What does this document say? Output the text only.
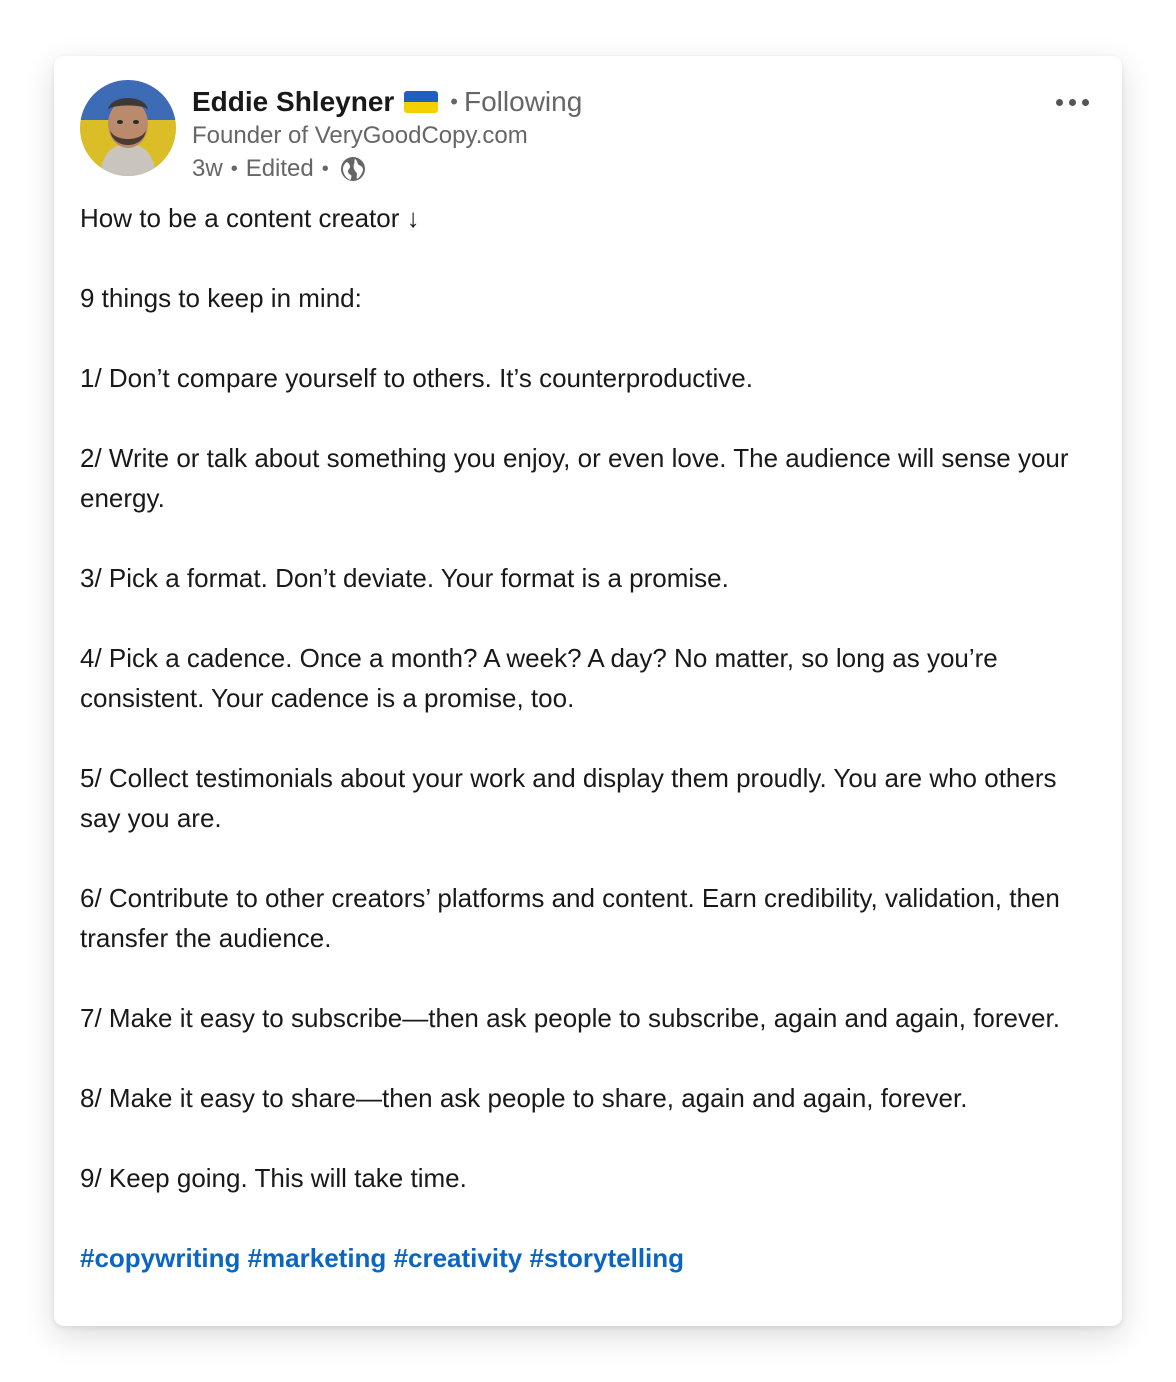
Eddie Shleyner	• Following
Founder of VeryGoodCopy.com
3w • Edited •

How to be a content creator ↓

9 things to keep in mind:

1/ Don’t compare yourself to others. It’s counterproductive.

2/ Write or talk about something you enjoy, or even love. The audience will sense your energy.

3/ Pick a format. Don’t deviate. Your format is a promise.

4/ Pick a cadence. Once a month? A week? A day? No matter, so long as you’re consistent. Your cadence is a promise, too.

5/ Collect testimonials about your work and display them proudly. You are who others say you are.

6/ Contribute to other creators’ platforms and content. Earn credibility, validation, then transfer the audience.

7/ Make it easy to subscribe—then ask people to subscribe, again and again, forever.

8/ Make it easy to share—then ask people to share, again and again, forever.

9/ Keep going. This will take time.

#copywriting #marketing #creativity #storytelling
